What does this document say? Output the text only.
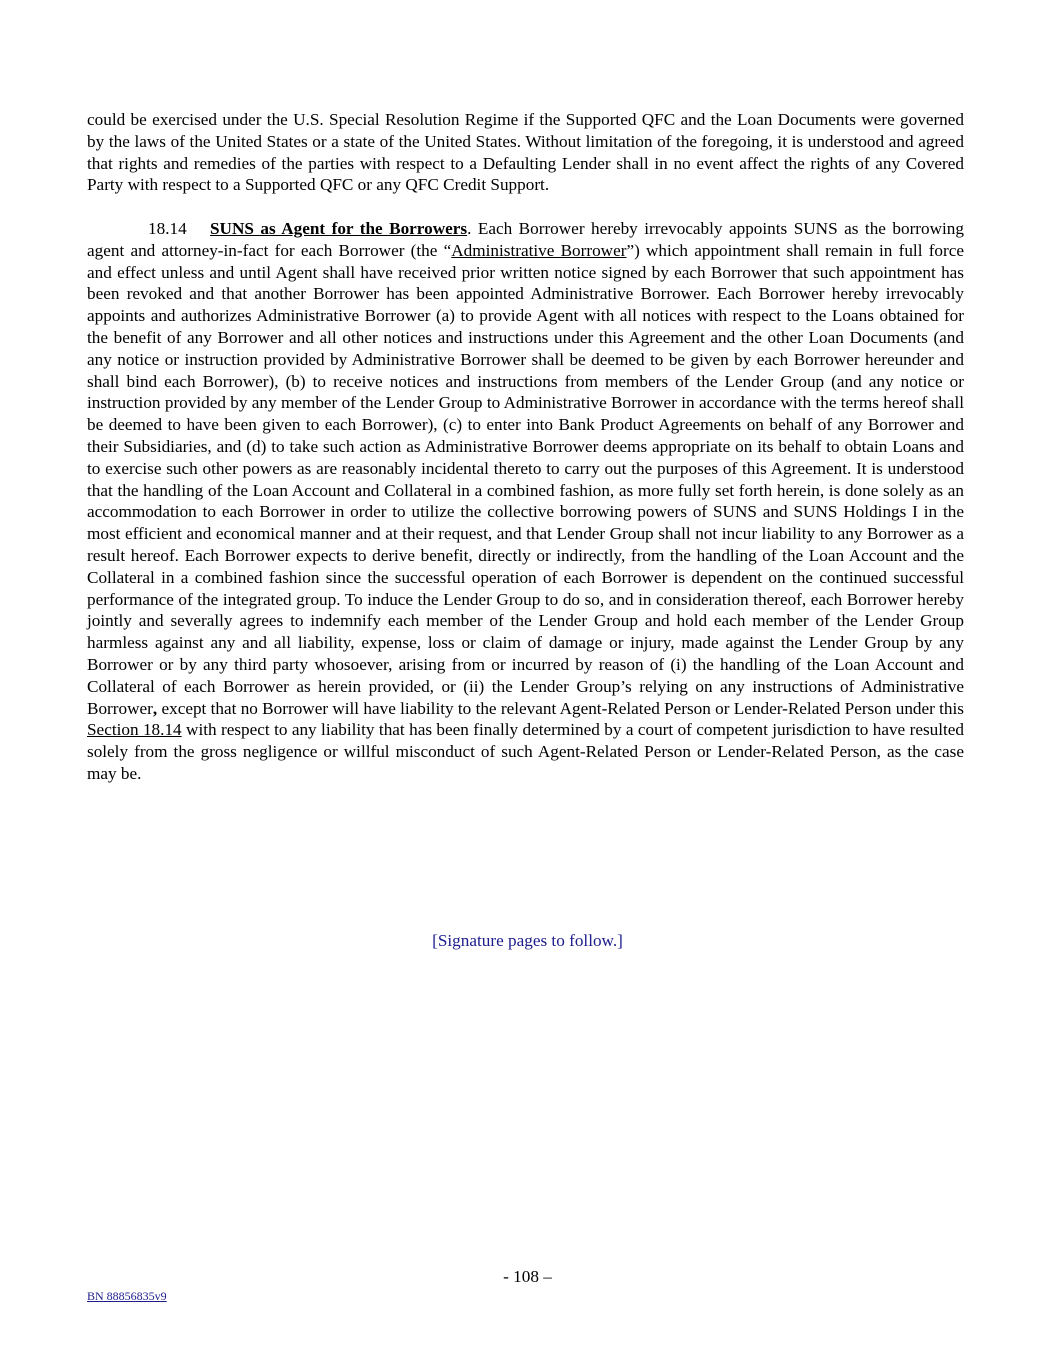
could be exercised under the U.S. Special Resolution Regime if the Supported QFC and the Loan Documents were governed by the laws of the United States or a state of the United States. Without limitation of the foregoing, it is understood and agreed that rights and remedies of the parties with respect to a Defaulting Lender shall in no event affect the rights of any Covered Party with respect to a Supported QFC or any QFC Credit Support.

18.14 SUNS as Agent for the Borrowers. Each Borrower hereby irrevocably appoints SUNS as the borrowing agent and attorney-in-fact for each Borrower (the “Administrative Borrower”) which appointment shall remain in full force and effect unless and until Agent shall have received prior written notice signed by each Borrower that such appointment has been revoked and that another Borrower has been appointed Administrative Borrower. Each Borrower hereby irrevocably appoints and authorizes Administrative Borrower (a) to provide Agent with all notices with respect to the Loans obtained for the benefit of any Borrower and all other notices and instructions under this Agreement and the other Loan Documents (and any notice or instruction provided by Administrative Borrower shall be deemed to be given by each Borrower hereunder and shall bind each Borrower), (b) to receive notices and instructions from members of the Lender Group (and any notice or instruction provided by any member of the Lender Group to Administrative Borrower in accordance with the terms hereof shall be deemed to have been given to each Borrower), (c) to enter into Bank Product Agreements on behalf of any Borrower and their Subsidiaries, and (d) to take such action as Administrative Borrower deems appropriate on its behalf to obtain Loans and to exercise such other powers as are reasonably incidental thereto to carry out the purposes of this Agreement. It is understood that the handling of the Loan Account and Collateral in a combined fashion, as more fully set forth herein, is done solely as an accommodation to each Borrower in order to utilize the collective borrowing powers of SUNS and SUNS Holdings I in the most efficient and economical manner and at their request, and that Lender Group shall not incur liability to any Borrower as a result hereof. Each Borrower expects to derive benefit, directly or indirectly, from the handling of the Loan Account and the Collateral in a combined fashion since the successful operation of each Borrower is dependent on the continued successful performance of the integrated group. To induce the Lender Group to do so, and in consideration thereof, each Borrower hereby jointly and severally agrees to indemnify each member of the Lender Group and hold each member of the Lender Group harmless against any and all liability, expense, loss or claim of damage or injury, made against the Lender Group by any Borrower or by any third party whosoever, arising from or incurred by reason of (i) the handling of the Loan Account and Collateral of each Borrower as herein provided, or (ii) the Lender Group’s relying on any instructions of Administrative Borrower, except that no Borrower will have liability to the relevant Agent-Related Person or Lender-Related Person under this Section 18.14 with respect to any liability that has been finally determined by a court of competent jurisdiction to have resulted solely from the gross negligence or willful misconduct of such Agent-Related Person or Lender-Related Person, as the case may be.

[Signature pages to follow.]
- 108 –
BN 88856835v9
